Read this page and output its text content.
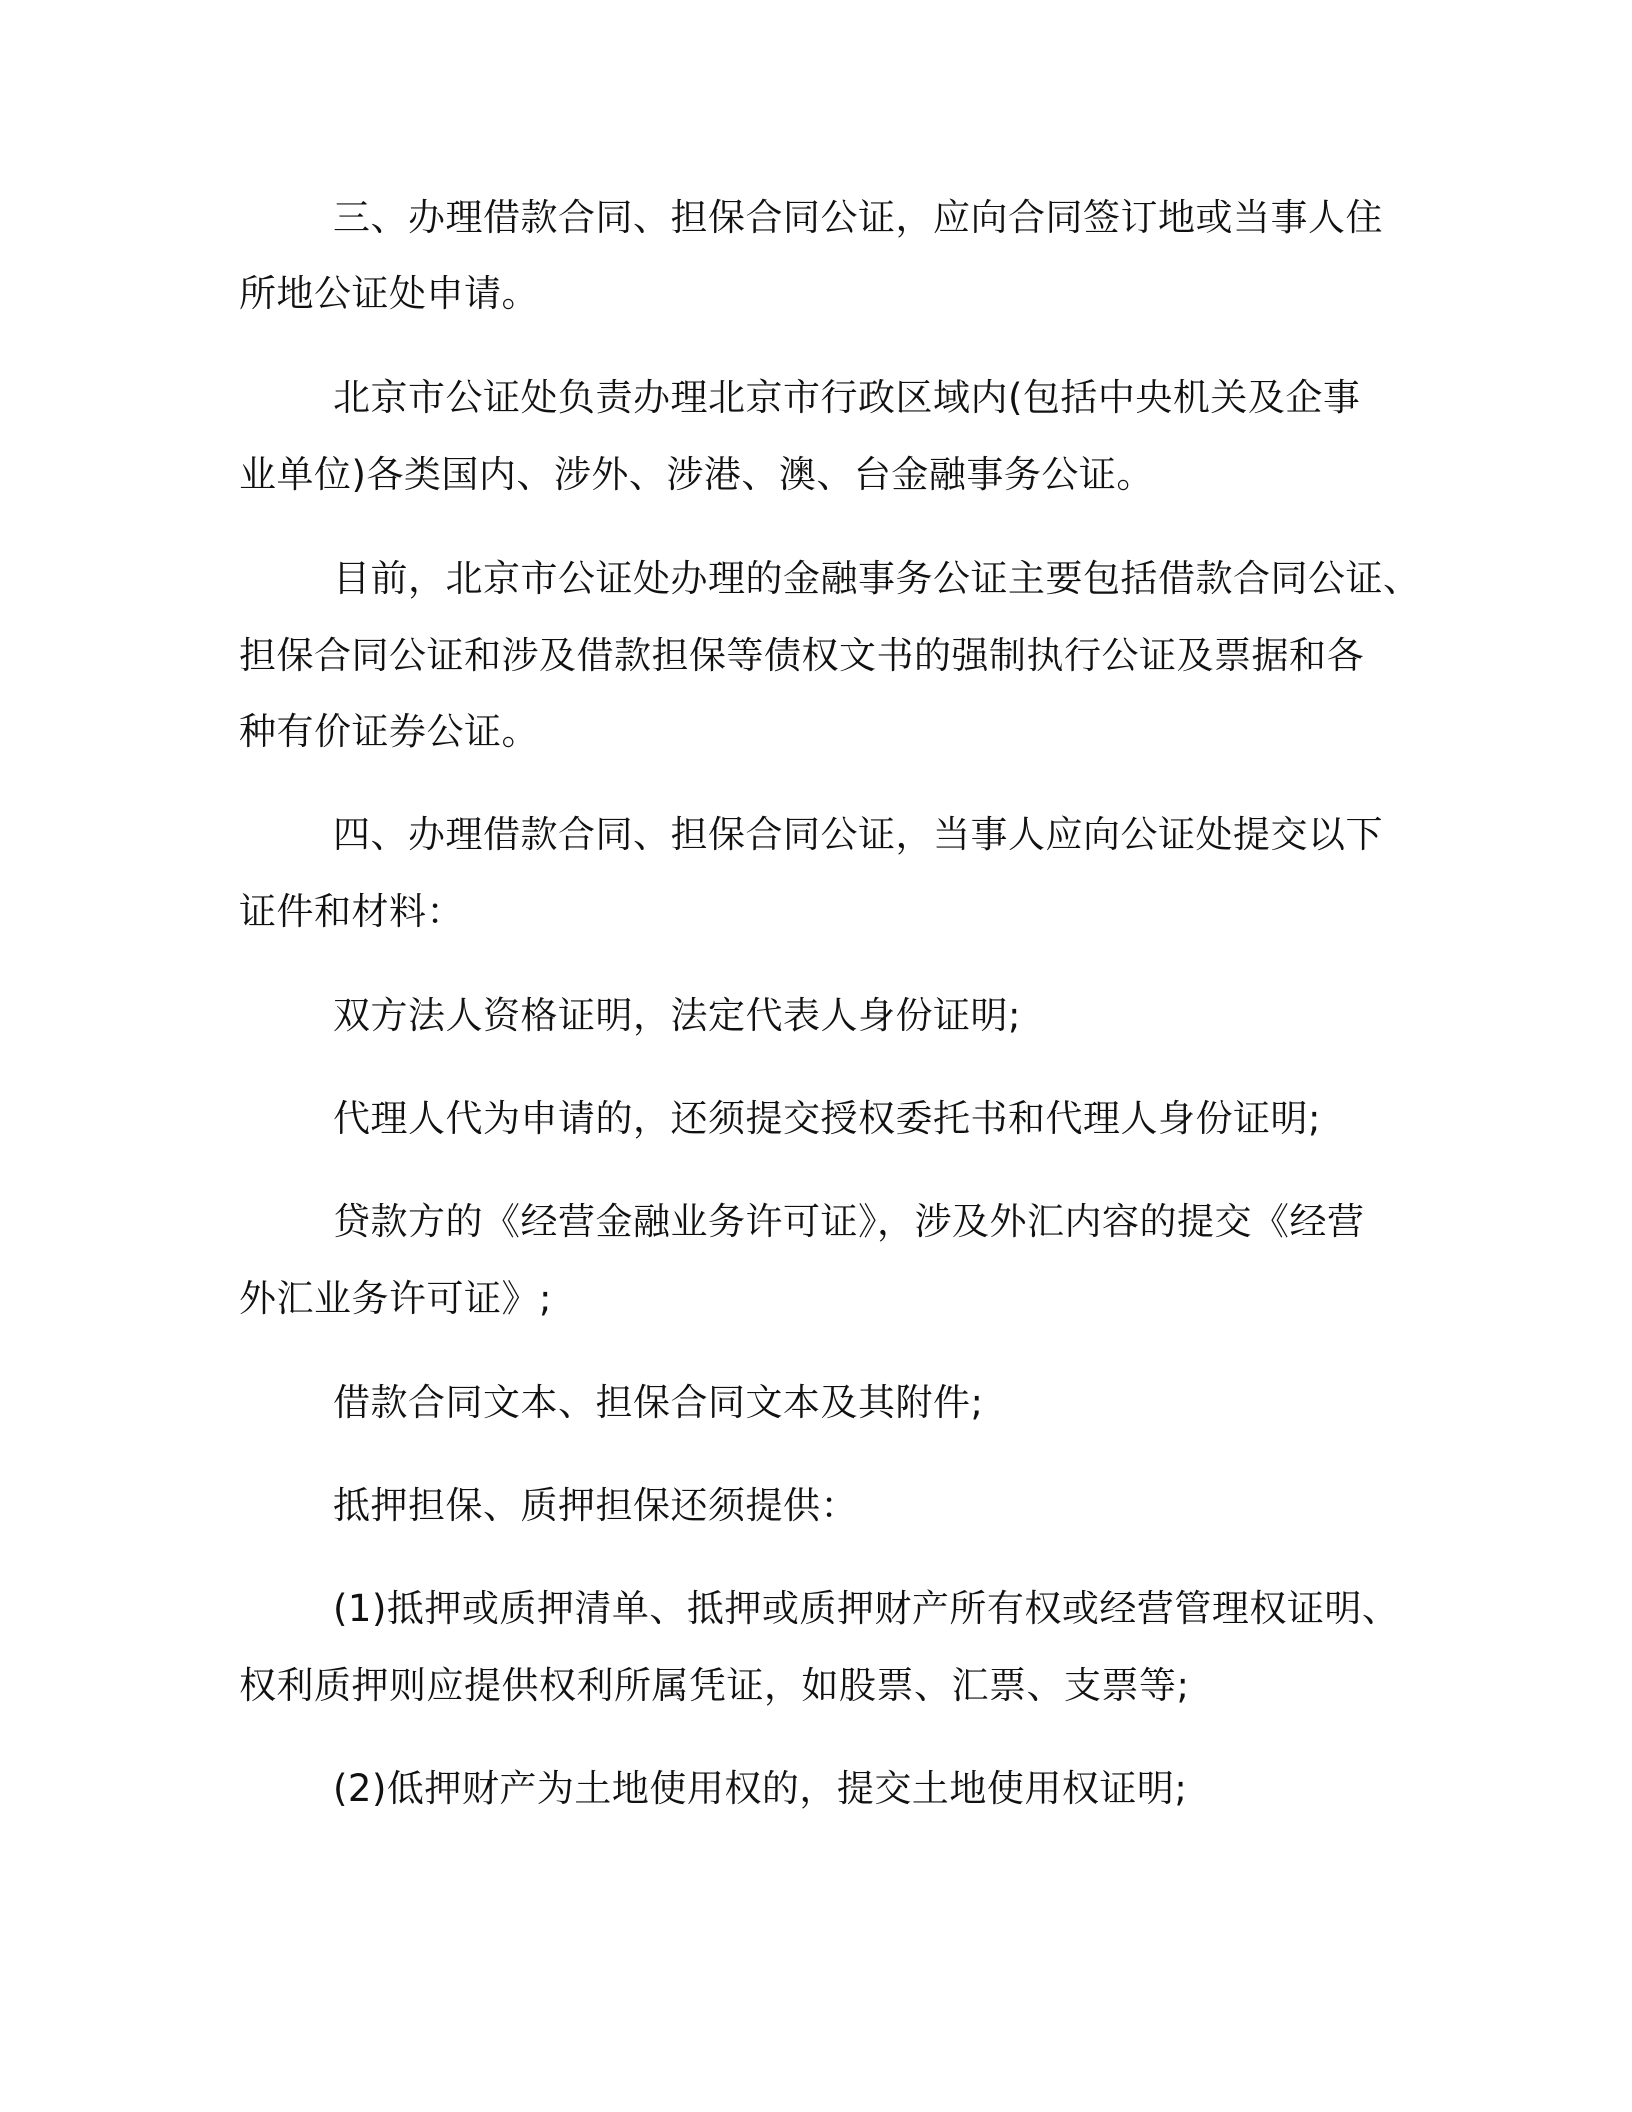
三、办理借款合同、担保合同公证，应向合同签订地或当事人住
所地公证处申请。
北京市公证处负责办理北京市行政区域内(包括中央机关及企事
业单位)各类国内、涉外、涉港、澳、台金融事务公证。
目前，北京市公证处办理的金融事务公证主要包括借款合同公证、
担保合同公证和涉及借款担保等债权文书的强制执行公证及票据和各
种有价证券公证。
四、办理借款合同、担保合同公证，当事人应向公证处提交以下
证件和材料：
双方法人资格证明，法定代表人身份证明;
代理人代为申请的，还须提交授权委托书和代理人身份证明;
贷款方的《经营金融业务许可证》，涉及外汇内容的提交《经营
外汇业务许可证》;
借款合同文本、担保合同文本及其附件;
抵押担保、质押担保还须提供：
(1)抵押或质押清单、抵押或质押财产所有权或经营管理权证明、
权利质押则应提供权利所属凭证，如股票、汇票、支票等;
(2)低押财产为土地使用权的，提交土地使用权证明;
